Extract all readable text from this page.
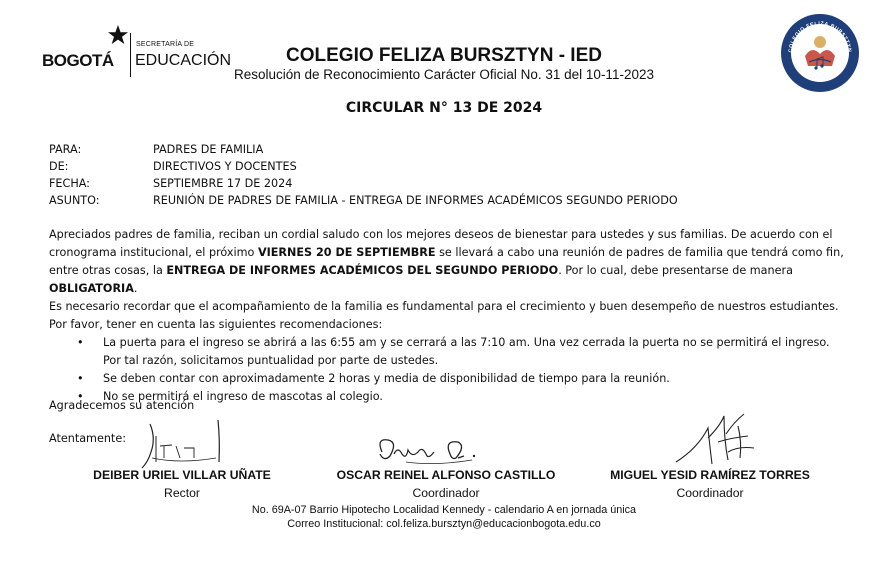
BOGOTÁ
SECRETARÍA DE
EDUCACIÓN	COLEGIO FELIZA BURSZTYN - IED
Resolución de Reconocimiento Carácter Oficial No. 31 del 10-11-2023
COLEGIO FELIZA BURSZTYN
I.E.D
CIRCULAR N° 13 DE 2024
PARA:	PADRES DE FAMILIA
DE:	DIRECTIVOS Y DOCENTES
FECHA:	SEPTIEMBRE 17 DE 2024
ASUNTO:	REUNIÓN DE PADRES DE FAMILIA - ENTREGA DE INFORMES ACADÉMICOS SEGUNDO PERIODO

Apreciados padres de familia, reciban un cordial saludo con los mejores deseos de bienestar para ustedes y sus familias. De acuerdo con el cronograma institucional, el próximo VIERNES 20 DE SEPTIEMBRE se llevará a cabo una reunión de padres de familia que tendrá como fin, entre otras cosas, la ENTREGA DE INFORMES ACADÉMICOS DEL SEGUNDO PERIODO. Por lo cual, debe presentarse de manera OBLIGATORIA.

Es necesario recordar que el acompañamiento de la familia es fundamental para el crecimiento y buen desempeño de nuestros estudiantes.

Por favor, tener en cuenta las siguientes recomendaciones:

• La puerta para el ingreso se abrirá a las 6:55 am y se cerrará a las 7:10 am. Una vez cerrada la puerta no se permitirá el ingreso. Por tal razón, solicitamos puntualidad por parte de ustedes.
• Se deben contar con aproximadamente 2 horas y media de disponibilidad de tiempo para la reunión.
• No se permitirá el ingreso de mascotas al colegio.
Agradecemos su atención
Atentamente:
DEIBER URIEL VILLAR UÑATE
Rector
OSCAR REINEL ALFONSO CASTILLO
Coordinador
MIGUEL YESID RAMÍREZ TORRES
Coordinador
No. 69A-07 Barrio Hipotecho Localidad Kennedy - calendario A en jornada única
Correo Institucional: col.feliza.bursztyn@educacionbogota.edu.co
